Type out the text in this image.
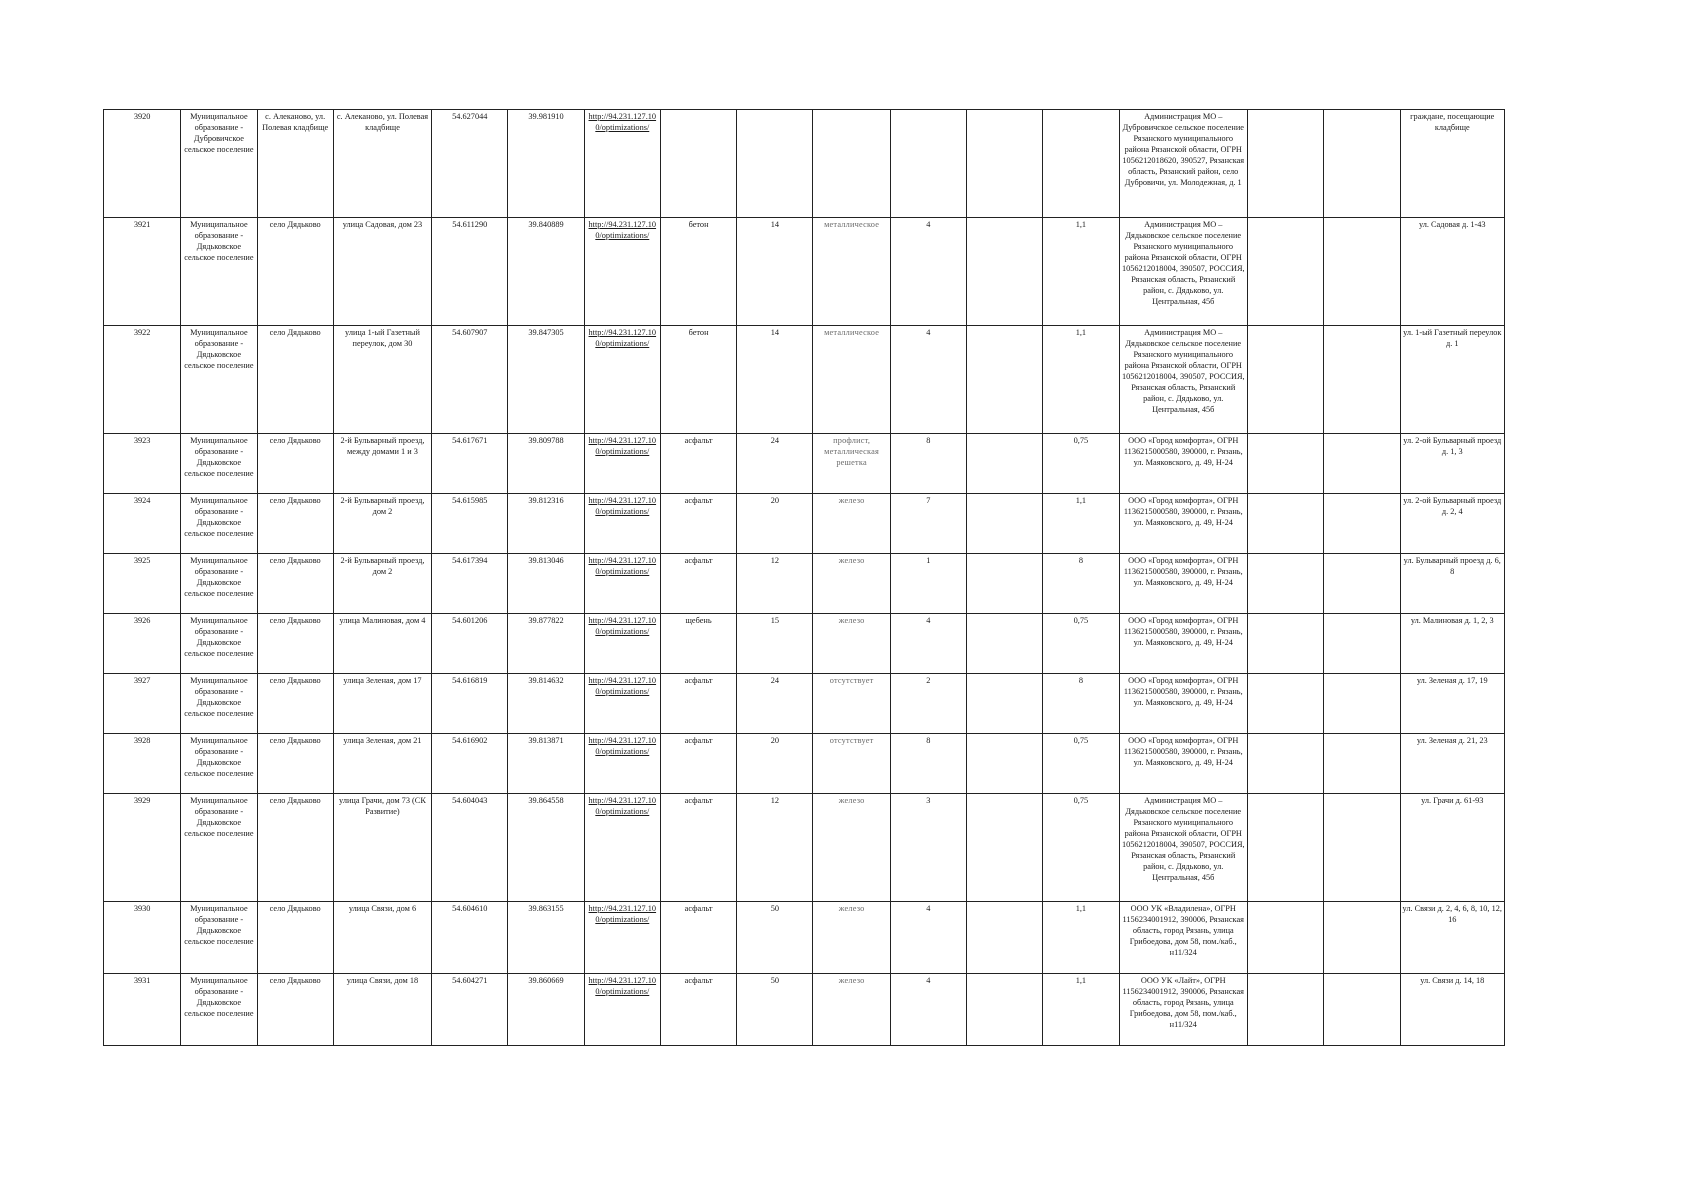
3920	Муниципальное образование - Дубровичское сельское поселение	с. Алеканово, ул. Полевая кладбище	с. Алеканово, ул. Полевая кладбище	54.627044	39.981910	http://94.231.127.10 0/optimizations/							Администрация МО – Дубровичское сельское поселение Рязанского муниципального района Рязанской области, ОГРН 1056212018620, 390527, Рязанская область, Рязанский район, село Дубровичи, ул. Молодежная, д. 1			граждане, посещающие кладбище
3921	Муниципальное образование - Дядьковское сельское поселение	село Дядьково	улица Садовая, дом 23	54.611290	39.840889	http://94.231.127.10 0/optimizations/	бетон	14	металлическое	4		1,1	Администрация МО – Дядьковское сельское поселение Рязанского муниципального района Рязанской области, ОГРН 1056212018004, 390507, РОССИЯ, Рязанская область, Рязанский район, с. Дядьково, ул. Центральная, 45б			ул. Садовая д. 1-43
3922	Муниципальное образование - Дядьковское сельское поселение	село Дядьково	улица 1-ый Газетный переулок, дом 30	54.607907	39.847305	http://94.231.127.10 0/optimizations/	бетон	14	металлическое	4		1,1	Администрация МО – Дядьковское сельское поселение Рязанского муниципального района Рязанской области, ОГРН 1056212018004, 390507, РОССИЯ, Рязанская область, Рязанский район, с. Дядьково, ул. Центральная, 45б			ул. 1-ый Газетный переулок д. 1
3923	Муниципальное образование - Дядьковское сельское поселение	село Дядьково	2-й Бульварный проезд, между домами 1 и 3	54.617671	39.809788	http://94.231.127.10 0/optimizations/	асфальт	24	профлист, металлическая решетка	8		0,75	ООО «Город комфорта», ОГРН 1136215000580, 390000, г. Рязань, ул. Маяковского, д. 49, Н-24			ул. 2-ой Бульварный проезд д. 1, 3
3924	Муниципальное образование - Дядьковское сельское поселение	село Дядьково	2-й Бульварный проезд, дом 2	54.615985	39.812316	http://94.231.127.10 0/optimizations/	асфальт	20	железо	7		1,1	ООО «Город комфорта», ОГРН 1136215000580, 390000, г. Рязань, ул. Маяковского, д. 49, Н-24			ул. 2-ой Бульварный проезд д. 2, 4
3925	Муниципальное образование - Дядьковское сельское поселение	село Дядьково	2-й Бульварный проезд, дом 2	54.617394	39.813046	http://94.231.127.10 0/optimizations/	асфальт	12	железо	1		8	ООО «Город комфорта», ОГРН 1136215000580, 390000, г. Рязань, ул. Маяковского, д. 49, Н-24			ул. Бульварный проезд д. 6, 8
3926	Муниципальное образование - Дядьковское сельское поселение	село Дядьково	улица Малиновая, дом 4	54.601206	39.877822	http://94.231.127.10 0/optimizations/	щебень	15	железо	4		0,75	ООО «Город комфорта», ОГРН 1136215000580, 390000, г. Рязань, ул. Маяковского, д. 49, Н-24			ул. Малиновая д. 1, 2, 3
3927	Муниципальное образование - Дядьковское сельское поселение	село Дядьково	улица Зеленая, дом 17	54.616819	39.814632	http://94.231.127.10 0/optimizations/	асфальт	24	отсутствует	2		8	ООО «Город комфорта», ОГРН 1136215000580, 390000, г. Рязань, ул. Маяковского, д. 49, Н-24			ул. Зеленая д. 17, 19
3928	Муниципальное образование - Дядьковское сельское поселение	село Дядьково	улица Зеленая, дом 21	54.616902	39.813871	http://94.231.127.10 0/optimizations/	асфальт	20	отсутствует	8		0,75	ООО «Город комфорта», ОГРН 1136215000580, 390000, г. Рязань, ул. Маяковского, д. 49, Н-24			ул. Зеленая д. 21, 23
3929	Муниципальное образование - Дядьковское сельское поселение	село Дядьково	улица Грачи, дом 73 (СК Развитие)	54.604043	39.864558	http://94.231.127.10 0/optimizations/	асфальт	12	железо	3		0,75	Администрация МО – Дядьковское сельское поселение Рязанского муниципального района Рязанской области, ОГРН 1056212018004, 390507, РОССИЯ, Рязанская область, Рязанский район, с. Дядьково, ул. Центральная, 45б			ул. Грачи д. 61-93
3930	Муниципальное образование - Дядьковское сельское поселение	село Дядьково	улица Связи, дом 6	54.604610	39.863155	http://94.231.127.10 0/optimizations/	асфальт	50	железо	4		1,1	ООО УК «Владилена», ОГРН 1156234001912, 390006, Рязанская область, город Рязань, улица Грибоедова, дом 58, пом./каб., н11/324			ул. Связи д. 2, 4, 6, 8, 10, 12, 16
3931	Муниципальное образование - Дядьковское сельское поселение	село Дядьково	улица Связи, дом 18	54.604271	39.860669	http://94.231.127.10 0/optimizations/	асфальт	50	железо	4		1,1	ООО УК «Лайт», ОГРН 1156234001912, 390006, Рязанская область, город Рязань, улица Грибоедова, дом 58, пом./каб., н11/324			ул. Связи д. 14, 18
